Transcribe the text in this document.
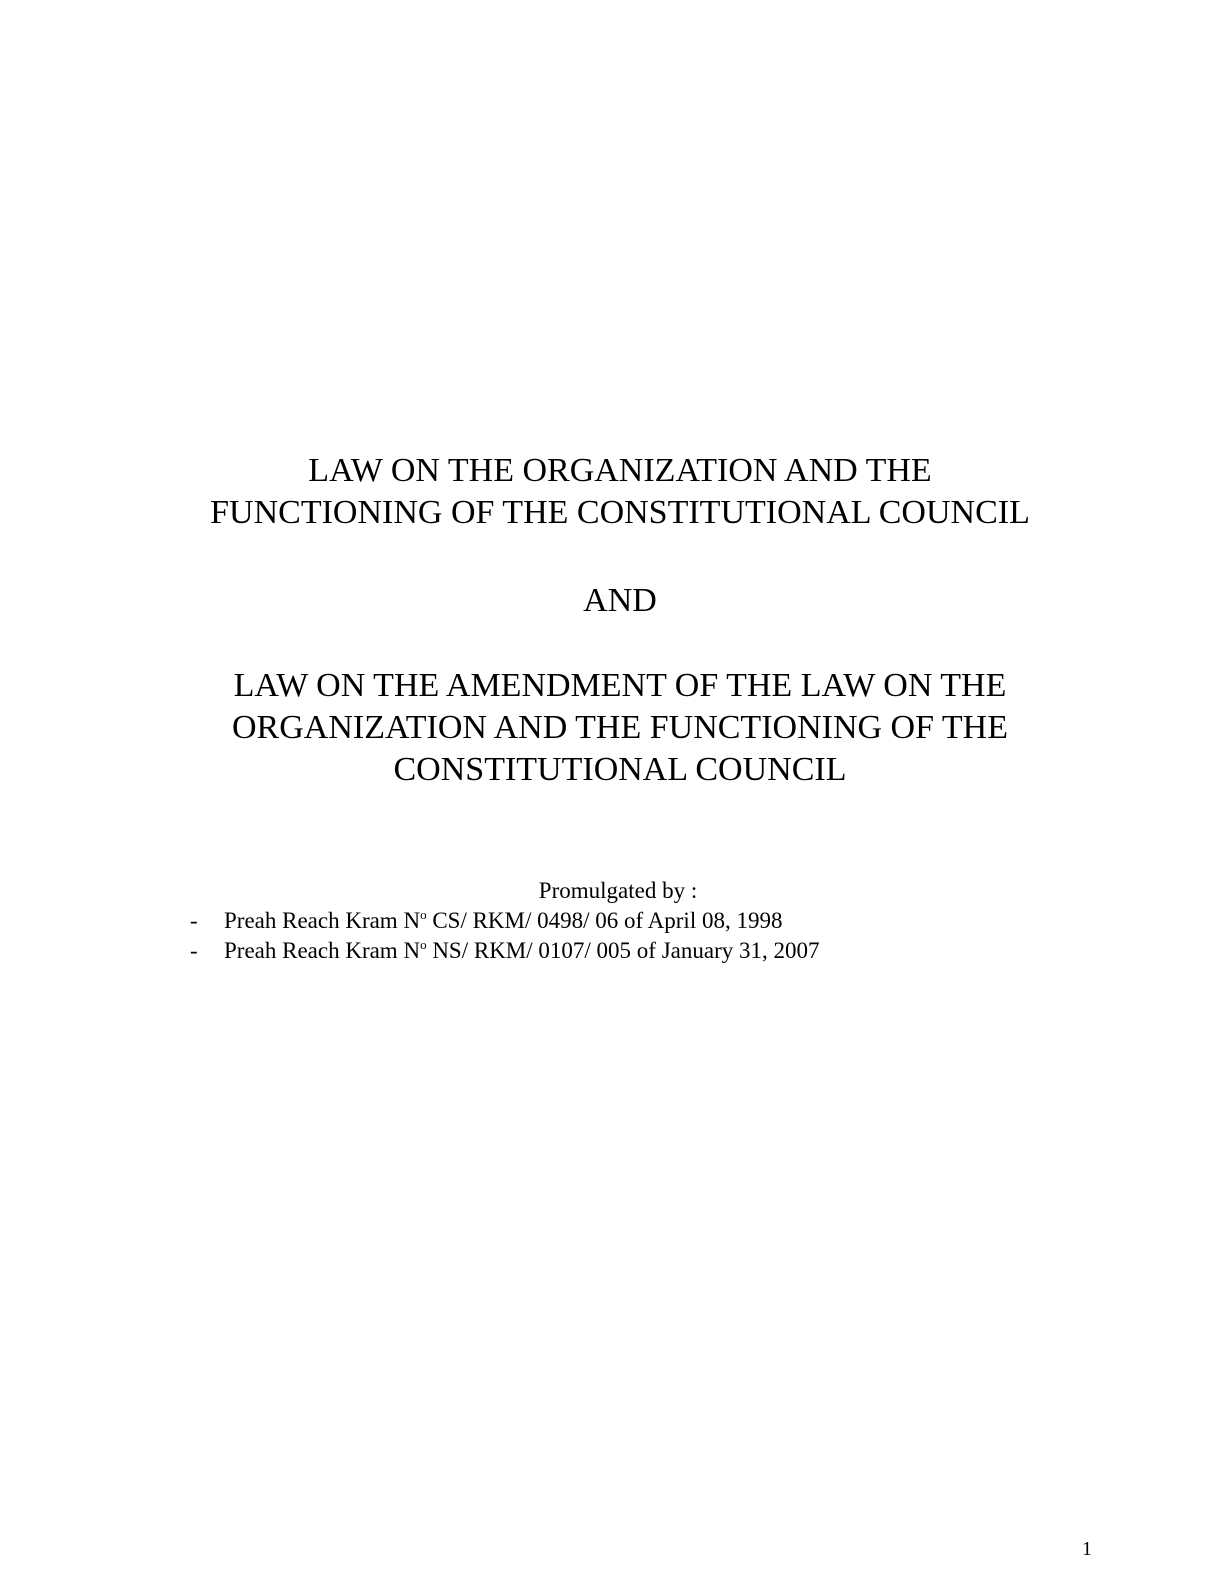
LAW ON THE ORGANIZATION AND THE
FUNCTIONING OF THE CONSTITUTIONAL COUNCIL
AND
LAW ON THE AMENDMENT OF THE LAW ON THE
ORGANIZATION AND THE FUNCTIONING OF THE
CONSTITUTIONAL COUNCIL
Promulgated by :
- Preah Reach Kram $N^o$ CS/ RKM/ 0498/ 06 of April 08, 1998
- Preah Reach Kram $N^o$ NS/ RKM/ 0107/ 005 of January 31, 2007
1
